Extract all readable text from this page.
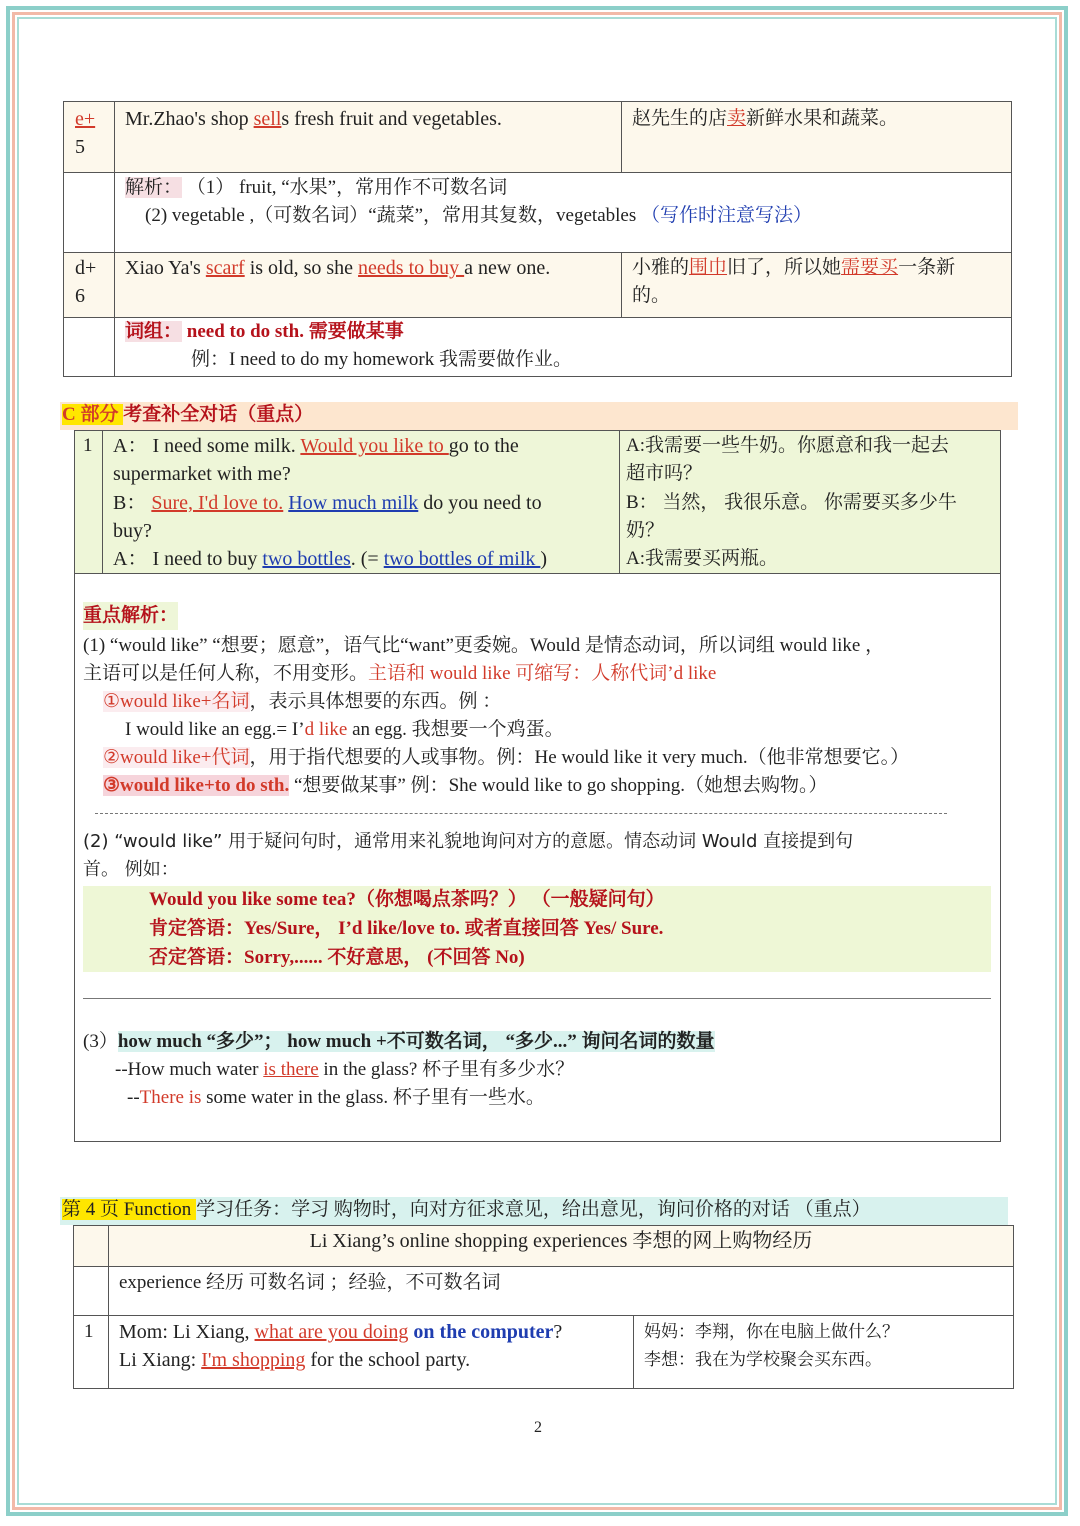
e+
5	Mr.Zhao's shop sells fresh fruit and vegetables.	赵先生的店卖新鲜水果和蔬菜。

	解析： （1） fruit, “水果”，常用作不可数名词
(2) vegetable ,（可数名词）“蔬菜”，常用其复数，vegetables （写作时注意写法）	

d+
6	Xiao Ya's scarf is old, so she needs to buy a new one.	小雅的围巾旧了，所以她需要买一条新
的。

	词组： need to do sth. 需要做某事
例：I need to do my homework 我需要做作业。	
C 部分 考查补全对话（重点）
1	A： I need some milk. Would you like to go to the
supermarket with me?
B： Sure, I'd love to. How much milk do you need to
buy?
A： I need to buy two bottles. (= two bottles of milk )

A:我需要一些牛奶。你愿意和我一起去
超市吗？
B： 当然， 我很乐意。 你需要买多少牛
奶？
A:我需要买两瓶。

重点解析：
(1) “would like” “想要；愿意”，语气比“want”更委婉。Would 是情态动词，所以词组 would like ，
主语可以是任何人称，不用变形。主语和 would like 可缩写：人称代词’d like
①would like+名词，表示具体想要的东西。例 ：
I would like an egg.= I’d like an egg. 我想要一个鸡蛋。
②would like+代词，用于指代想要的人或事物。例：He would like it very much.（他非常想要它。）
③would like+to do sth. “想要做某事” 例：She would like to go shopping.（她想去购物。）
(2) “would like” 用于疑问句时，通常用来礼貌地询问对方的意愿。情态动词 Would 直接提到句
首。 例如：
Would you like some tea?（你想喝点茶吗？） （一般疑问句）
肯定答语：Yes/Sure， I’d like/love to. 或者直接回答 Yes/ Sure.
否定答语：Sorry,...... 不好意思， (不回答 No)
(3）how much “多少”； how much +不可数名词， “多少...” 询问名词的数量
--How much water is there in the glass? 杯子里有多少水？
--There is some water in the glass. 杯子里有一些水。
第 4 页 Function 学习任务：学习 购物时，向对方征求意见，给出意见，询问价格的对话 （重点）
	Li Xiang’s online shopping experiences 李想的网上购物经历	

	experience 经历 可数名词 ；经验，不可数名词	

1	Mom: Li Xiang, what are you doing on the computer?
Li Xiang: I'm shopping for the school party.	妈妈：李翔，你在电脑上做什么？
李想：我在为学校聚会买东西。
2
